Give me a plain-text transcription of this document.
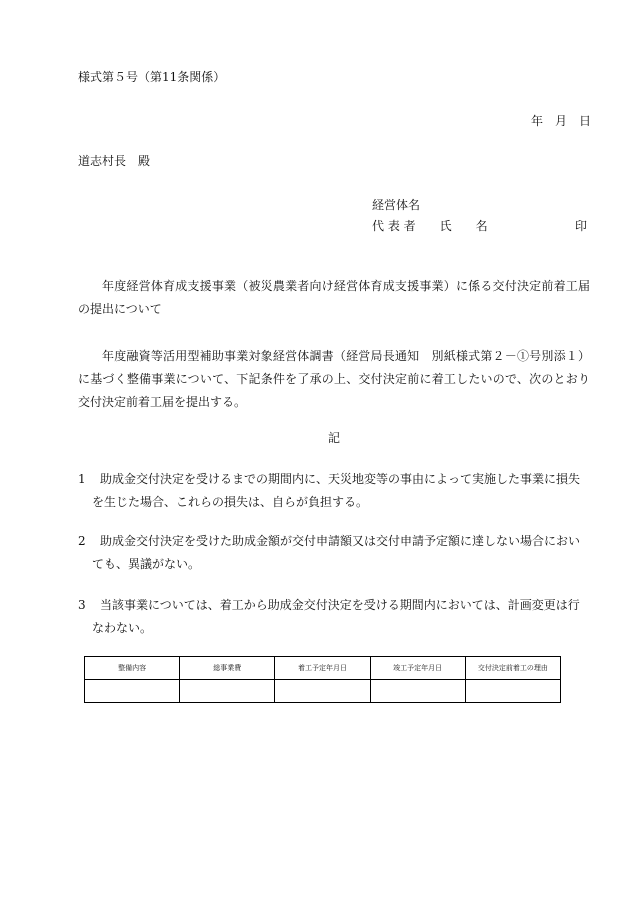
様式第５号（第11条関係）
年　月　日
道志村長　殿
経営体名
代 表 者　　氏　　名	印
年度経営体育成支援事業（被災農業者向け経営体育成支援事業）に係る交付決定前着工届の提出について
年度融資等活用型補助事業対象経営体調書（経営局長通知　別紙様式第２－①号別添１）に基づく整備事業について、下記条件を了承の上、交付決定前に着工したいので、次のとおり交付決定前着工届を提出する。
記
1	助成金交付決定を受けるまでの期間内に、天災地変等の事由によって実施した事業に損失を生じた場合、これらの損失は、自らが負担する。
2	助成金交付決定を受けた助成金額が交付申請額又は交付申請予定額に達しない場合においても、異議がない。
3	当該事業については、着工から助成金交付決定を受ける期間内においては、計画変更は行なわない。
整備内容	総事業費	着工予定年月日	竣工予定年月日	交付決定前着工の理由
